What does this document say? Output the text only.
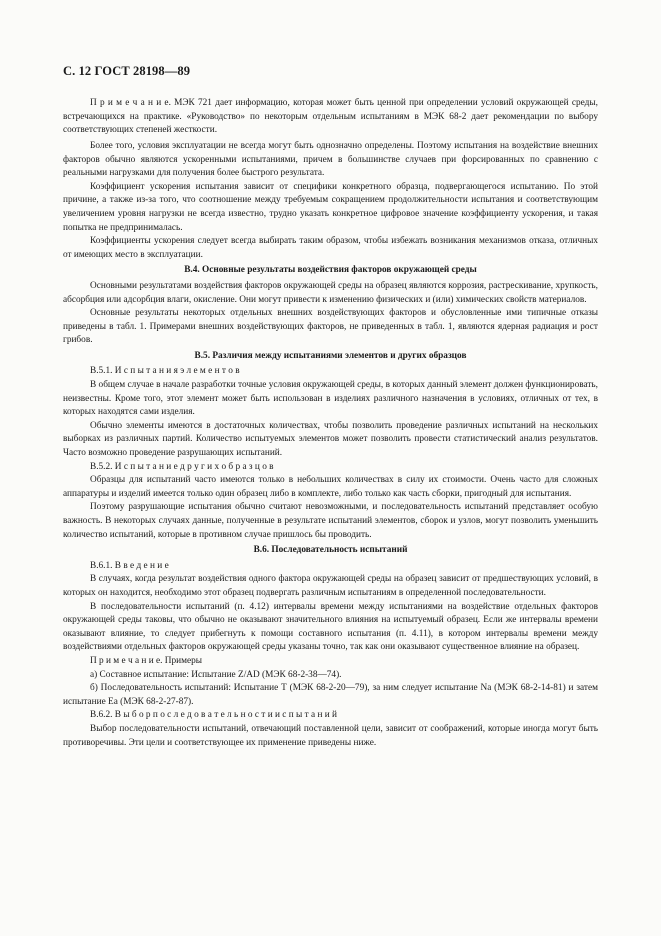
С. 12 ГОСТ 28198—89

П р и м е ч а н и е. МЭК 721 дает информацию, которая может быть ценной при определении условий окружающей среды, встречающихся на практике. «Руководство» по некоторым отдельным испытаниям в МЭК 68-2 дает рекомендации по выбору соответствующих степеней жесткости.

Более того, условия эксплуатации не всегда могут быть однозначно определены. Поэтому испытания на воздействие внешних факторов обычно являются ускоренными испытаниями, причем в большинстве случаев при форсированных по сравнению с реальными нагрузками для получения более быстрого результата.

Коэффициент ускорения испытания зависит от специфики конкретного образца, подвергающегося испытанию. По этой причине, а также из-за того, что соотношение между требуемым сокращением продолжительности испытания и соответствующим увеличением уровня нагрузки не всегда известно, трудно указать конкретное цифровое значение коэффициенту ускорения, и такая попытка не предпринималась.

Коэффициенты ускорения следует всегда выбирать таким образом, чтобы избежать возникания механизмов отказа, отличных от имеющих место в эксплуатации.

В.4. Основные результаты воздействия факторов окружающей среды

Основными результатами воздействия факторов окружающей среды на образец являются коррозия, растрескивание, хрупкость, абсорбция или адсорбция влаги, окисление. Они могут привести к изменению физических и (или) химических свойств материалов.

Основные результаты некоторых отдельных внешних воздействующих факторов и обусловленные ими типичные отказы приведены в табл. 1. Примерами внешних воздействующих факторов, не приведенных в табл. 1, являются ядерная радиация и рост грибов.

В.5. Различия между испытаниями элементов и других образцов

В.5.1. И с п ы т а н и я э л е м е н т о в

В общем случае в начале разработки точные условия окружающей среды, в которых данный элемент должен функционировать, неизвестны. Кроме того, этот элемент может быть использован в изделиях различного назначения в условиях, отличных от тех, в которых находятся сами изделия.

Обычно элементы имеются в достаточных количествах, чтобы позволить проведение различных испытаний на нескольких выборках из различных партий. Количество испытуемых элементов может позволить провести статистический анализ результатов. Часто возможно проведение разрушающих испытаний.

В.5.2. И с п ы т а н и е д р у г и х о б р а з ц о в

Образцы для испытаний часто имеются только в небольших количествах в силу их стоимости. Очень часто для сложных аппаратуры и изделий имеется только один образец либо в комплекте, либо только как часть сборки, пригодный для испытания.

Поэтому разрушающие испытания обычно считают невозможными, и последовательность испытаний представляет особую важность. В некоторых случаях данные, полученные в результате испытаний элементов, сборок и узлов, могут позволить уменьшить количество испытаний, которые в противном случае пришлось бы проводить.

В.6. Последовательность испытаний

В.6.1. В в е д е н и е

В случаях, когда результат воздействия одного фактора окружающей среды на образец зависит от предшествующих условий, в которых он находится, необходимо этот образец подвергать различным испытаниям в определенной последовательности.

В последовательности испытаний (п. 4.12) интервалы времени между испытаниями на воздействие отдельных факторов окружающей среды таковы, что обычно не оказывают значительного влияния на испытуемый образец. Если же интервалы времени оказывают влияние, то следует прибегнуть к помощи составного испытания (п. 4.11), в котором интервалы времени между воздействиями отдельных факторов окружающей среды указаны точно, так как они оказывают существенное влияние на образец.

П р и м е ч а н и е. Примеры

а) Составное испытание: Испытание Z/AD (МЭК 68-2-38—74).

б) Последовательность испытаний: Испытание Т (МЭК 68-2-20—79), за ним следует испытание Na (МЭК 68-2-14-81) и затем испытание Ea (МЭК 68-2-27-87).

В.6.2. В ы б о р п о с л е д о в а т е л ь н о с т и и с п ы т а н и й

Выбор последовательности испытаний, отвечающий поставленной цели, зависит от соображений, которые иногда могут быть противоречивы. Эти цели и соответствующее их применение приведены ниже.
